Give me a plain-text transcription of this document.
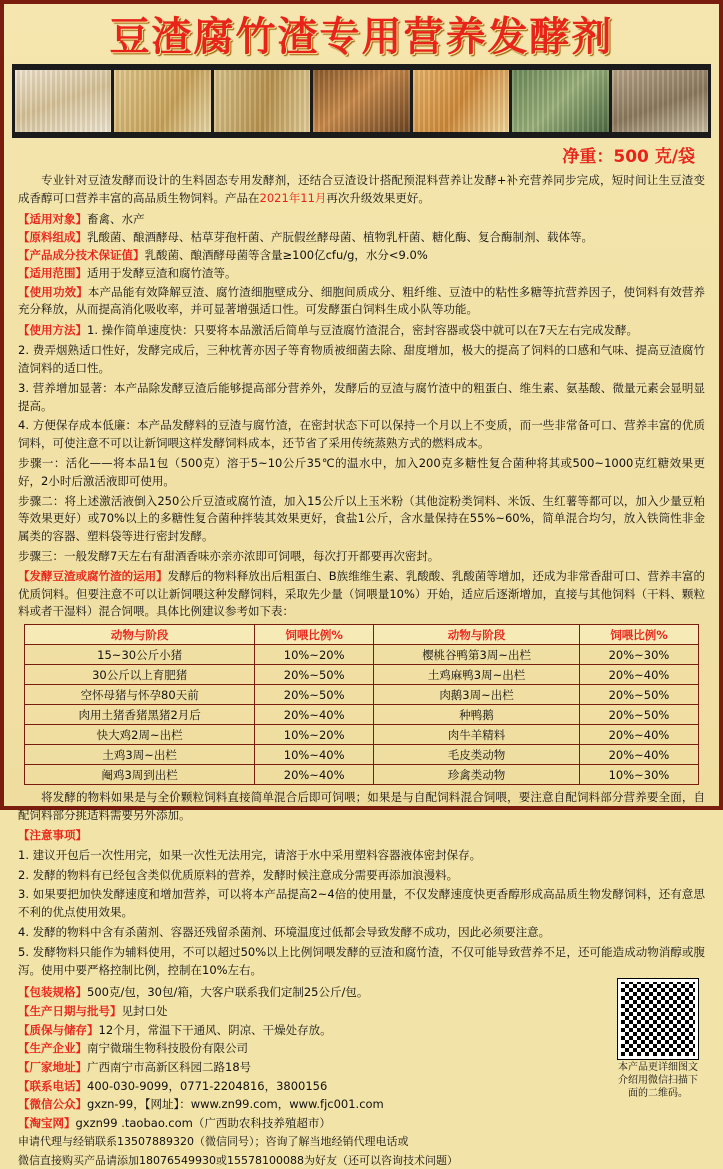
豆渣腐竹渣专用营养发酵剂
净重：500 克/袋
专业针对豆渣发酵而设计的生料固态专用发酵剂，还结合豆渣设计搭配预混料营养让发酵+补充营养同步完成，短时间让生豆渣变成香醇可口营养丰富的高品质生物饲料。产品在2021年11月再次升级效果更好。
【适用对象】畜禽、水产
【原料组成】乳酸菌、酿酒酵母、枯草芽孢杆菌、产朊假丝酵母菌、植物乳杆菌、糖化酶、复合酶制剂、载体等。
【产品成分技术保证值】乳酸菌、酿酒酵母菌等含量≥100亿cfu/g，水分<9.0%
【适用范围】适用于发酵豆渣和腐竹渣等。
【使用功效】本产品能有效降解豆渣、腐竹渣细胞壁成分、细胞间质成分、粗纤维、豆渣中的粘性多糖等抗营养因子，使饲料有效营养充分释放，从而提高消化吸收率，并可显著增强适口性。可发酵蛋白饲料生成小队等功能。
【使用方法】1. 操作简单速度快：只要将本品激活后简单与豆渣腐竹渣混合，密封容器或袋中就可以在7天左右完成发酵。
2. 费弄烟熟适口性好，发酵完成后，三种枕菁亦因子等育物质被细菌去除、甜度增加，极大的提高了饲料的口感和气味、提高豆渣腐竹渣饲料的适口性。
3. 营养增加显著：本产品除发酵豆渣后能够提高部分营养外，发酵后的豆渣与腐竹渣中的粗蛋白、维生素、氨基酸、微量元素会显明显提高。
4. 方便保存成本低廉：本产品发酵料的豆渣与腐竹渣，在密封状态下可以保持一个月以上不变质，而一些非常备可口、营养丰富的优质饲料，可使注意不可以让新饲喂这样发酵饲料成本，还节省了采用传统蒸熟方式的燃料成本。
步骤一：活化——将本品1包（500克）溶于5~10公斤35℃的温水中，加入200克多糖性复合菌种将其或500~1000克红糖效果更好，2小时后激活液即可使用。
步骤二：将上述激活液倒入250公斤豆渣或腐竹渣，加入15公斤以上玉米粉（其他淀粉类饲料、米饭、生红薯等都可以，加入少量豆粕等效果更好）或70%以上的多糖性复合菌种拌装其效果更好，食盐1公斤，含水量保持在55%~60%，简单混合均匀，放入铁筒性非金属类的容器、塑料袋等进行密封发酵。
步骤三：一般发酵7天左右有甜酒香味亦亲亦浓即可饲喂，每次打开都要再次密封。
【发酵豆渣或腐竹渣的运用】发酵后的物料释放出后粗蛋白、B族维维生素、乳酸酸、乳酸菌等增加，还成为非常香甜可口、营养丰富的优质饲料。但要注意不可以让新饲喂这种发酵饲料，采取先少量（饲喂量10%）开始，适应后逐渐增加，直接与其他饲料（干料、颗粒料或者干湿料）混合饲喂。具体比例建议参考如下表：
动物与阶段	饲喂比例%	动物与阶段	饲喂比例%
15~30公斤小猪	10%~20%	樱桃谷鸭第3周~出栏	20%~30%
30公斤以上育肥猪	20%~50%	土鸡麻鸭3周~出栏	20%~40%
空怀母猪与怀孕80天前	20%~50%	肉鹅3周~出栏	20%~50%
肉用土猪香猪黑猪2月后	20%~40%	种鸭鹅	20%~50%
快大鸡2周~出栏	10%~20%	肉牛羊精料	20%~40%
土鸡3周~出栏	10%~40%	毛皮类动物	20%~40%
阉鸡3周到出栏	20%~40%	珍禽类动物	10%~30%
将发酵的物料如果是与全价颗粒饲料直接简单混合后即可饲喂；如果是与自配饲料混合饲喂，要注意自配饲料部分营养要全面，自配饲料部分挑适料需要另外添加。
【注意事项】
1. 建议开包后一次性用完，如果一次性无法用完，请溶于水中采用塑料容器液体密封保存。
2. 发酵的物料有已经包含类似优质原料的营养，发酵时候注意成分需要再添加浪漫料。
3. 如果要把加快发酵速度和增加营养，可以将本产品提高2~4倍的使用量，不仅发酵速度快更香醇形成高品质生物发酵饲料，还有意思不利的优点使用效果。
4. 发酵的物料中含有杀菌剂、容器还残留杀菌剂、环境温度过低都会导致发酵不成功，因此必须要注意。
5. 发酵物料只能作为辅料使用，不可以超过50%以上比例饲喂发酵的豆渣和腐竹渣，不仅可能导致营养不足，还可能造成动物消醇或腹泻。使用中要严格控制比例，控制在10%左右。
本产品更详细图文介绍用微信扫描下面的二维码。
【包装规格】500克/包，30包/箱，大客户联系我们定制25公斤/包。
【生产日期与批号】见封口处
【质保与储存】12个月，常温下干通风、阴凉、干燥处存放。
【生产企业】南宁微瑞生物科技股份有限公司
【厂家地址】广西南宁市高新区科园二路18号
【联系电话】400-030-9099，0771-2204816，3800156
【微信公众】gxzn-99，【网址】：www.zn99.com，www.fjc001.com
【淘宝网】gxzn99 .taobao.com（广西助农科技养殖超市）
申请代理与经销联系13507889320（微信同号）；咨询了解当地经销代理电话或
微信直接购买产品请添加18076549930或15578100088为好友（还可以咨询技术问题）
